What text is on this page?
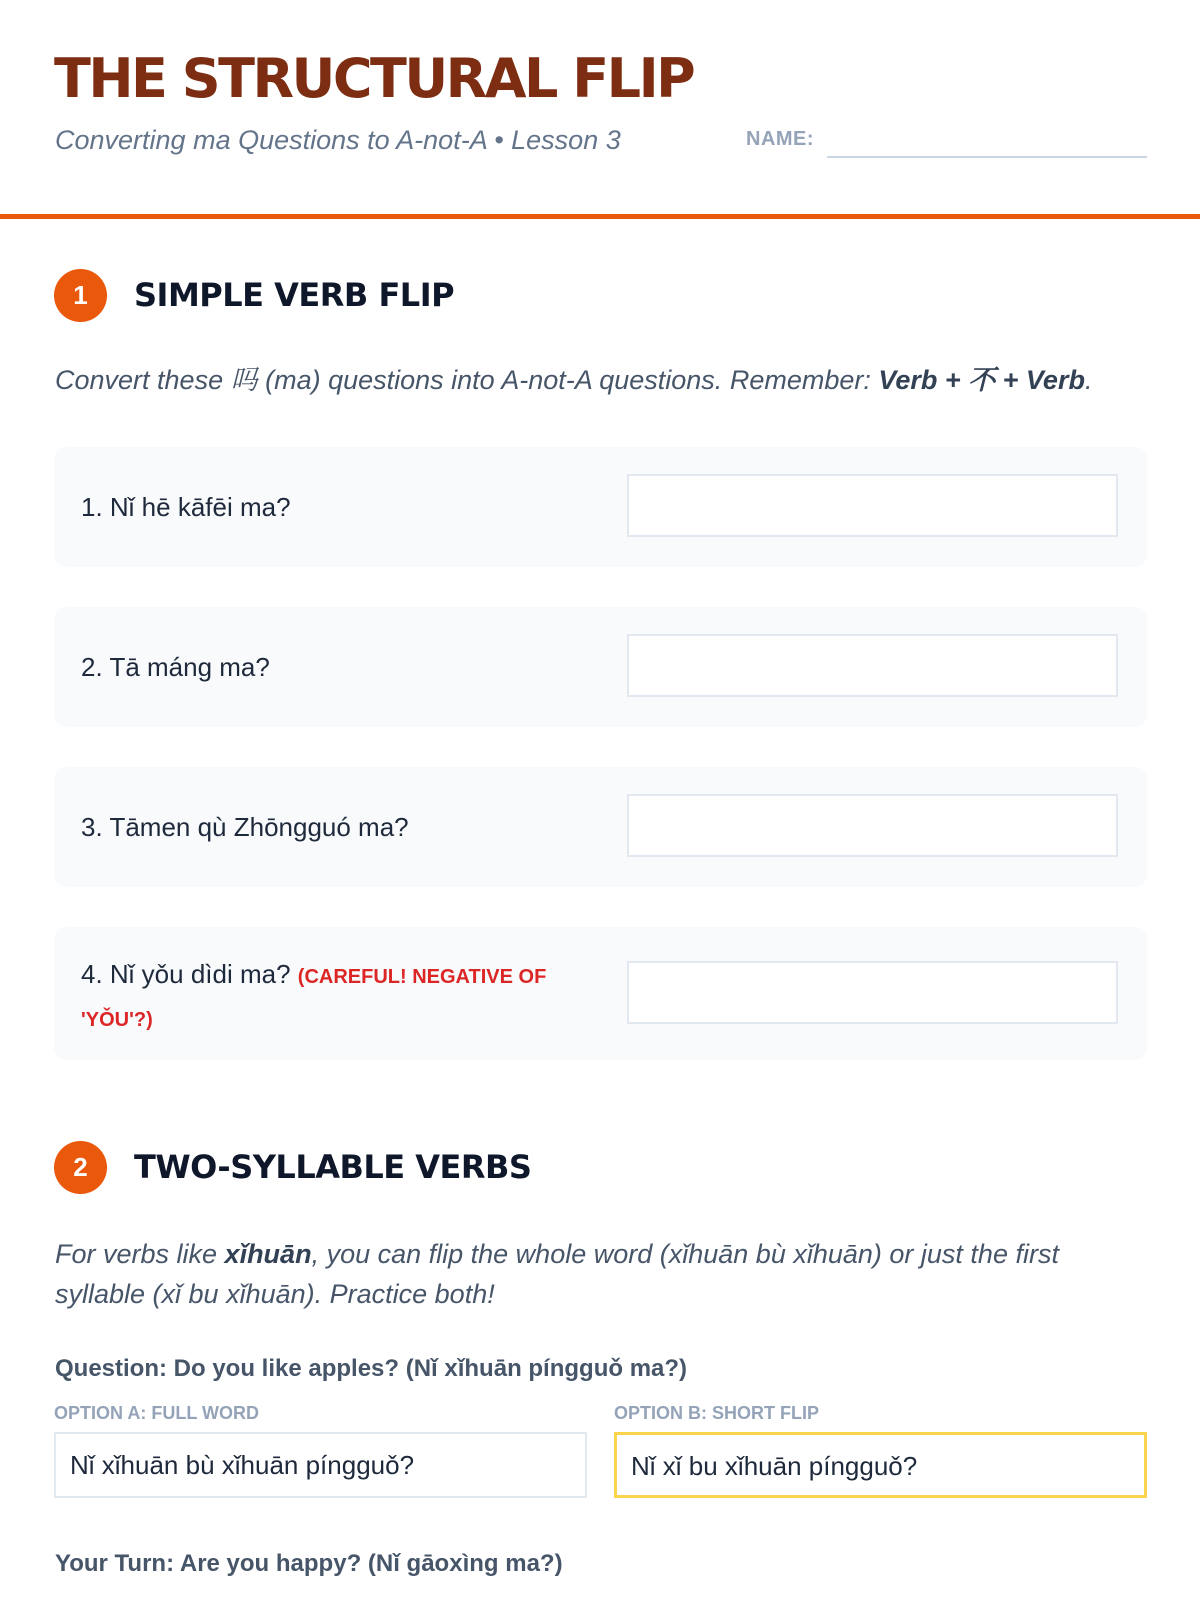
THE STRUCTURAL FLIP
Converting ma Questions to A-not-A • Lesson 3	NAME:
1	SIMPLE VERB FLIP
Convert these 吗 (ma) questions into A-not-A questions. Remember: Verb + 不 + Verb.
1. Nǐ hē kāfēi ma?
2. Tā máng ma?
3. Tāmen qù Zhōngguó ma?
4. Nǐ yǒu dìdi ma? (CAREFUL! NEGATIVE OF 'YǑU'?)
2	TWO-SYLLABLE VERBS
For verbs like xǐhuān, you can flip the whole word (xǐhuān bù xǐhuān) or just the first syllable (xǐ bu xǐhuān). Practice both!
Question: Do you like apples? (Nǐ xǐhuān píngguǒ ma?)
OPTION A: FULL WORD	OPTION B: SHORT FLIP
Nǐ xǐhuān bù xǐhuān píngguǒ?	Nǐ xǐ bu xǐhuān píngguǒ?
Your Turn: Are you happy? (Nǐ gāoxìng ma?)
